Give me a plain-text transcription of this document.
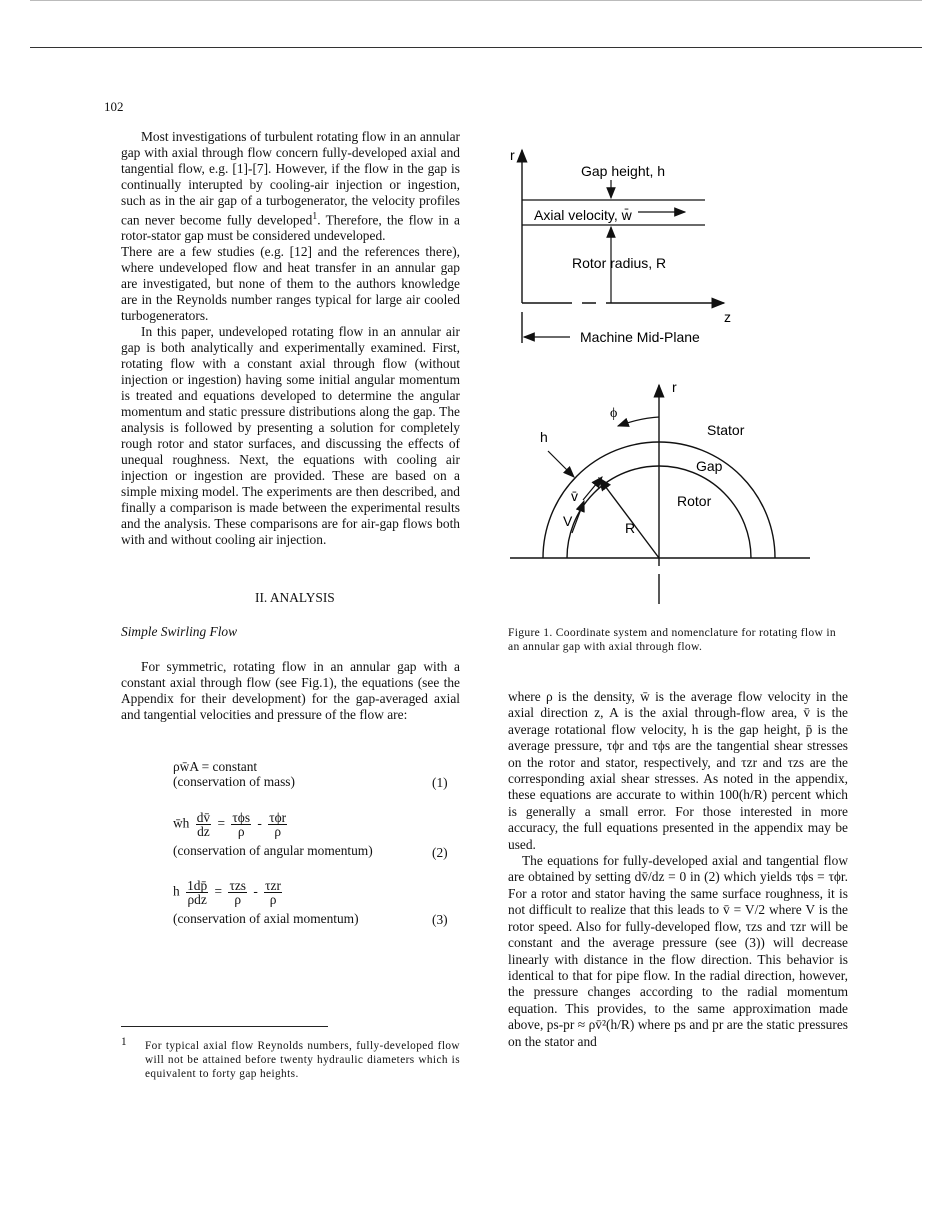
102

Most investigations of turbulent rotating flow in an annular gap with axial through flow concern fully-developed axial and tangential flow, e.g. [1]-[7]. However, if the flow in the gap is continually interupted by cooling-air injection or ingestion, such as in the air gap of a turbogenerator, the velocity profiles can never become fully developed$^1$. Therefore, the flow in a rotor-stator gap must be considered undeveloped.

There are a few studies (e.g. [12] and the references there), where undeveloped flow and heat transfer in an annular gap are investigated, but none of them to the authors knowledge are in the Reynolds number ranges typical for large air cooled turbogenerators.

In this paper, undeveloped rotating flow in an annular air gap is both analytically and experimentally examined. First, rotating flow with a constant axial through flow (without injection or ingestion) having some initial angular momentum is treated and equations developed to determine the angular momentum and static pressure distributions along the gap. The analysis is followed by presenting a solution for completely rough rotor and stator surfaces, and discussing the effects of unequal roughness. Next, the equations with cooling air injection or ingestion are provided. These are based on a simple mixing model. The experiments are then described, and finally a comparison is made between the experimental results and the analysis. These comparisons are for air-gap flows both with and without cooling air injection.

II. ANALYSIS
Simple Swirling Flow

For symmetric, rotating flow in an annular gap with a constant axial through flow (see Fig.1), the equations (see the Appendix for their development) for the gap-averaged axial and tangential velocities and pressure of the flow are:

ρw̄A = constant
(conservation of mass)	(1)
w̄h $\frac{dv̄}{dz} = \frac{\text{τϕs}}{\rho} - \frac{\text{τϕr}}{\rho}$
(conservation of angular momentum)	(2)
h $\frac{1dp̄}{\text{ρdz}} = \frac{\text{τzs}}{\rho} - \frac{\text{τzr}}{\rho}$
(conservation of axial momentum)	(3)
1 For typical axial flow Reynolds numbers, fully-developed flow will not be attained before twenty hydraulic diameters which is equivalent to forty gap heights.
r
Gap height, h
Axial velocity, w̄
Rotor radius, R
z
Machine Mid-Plane
r
ϕ
Stator
Gap
Rotor
h
R
v̄
V
Figure 1. Coordinate system and nomenclature for rotating flow in an annular gap with axial through flow.

where ρ is the density, w̄ is the average flow velocity in the axial direction z, A is the axial through-flow area, v̄ is the average rotational flow velocity, h is the gap height, p̄ is the average pressure, τϕr and τϕs are the tangential shear stresses on the rotor and stator, respectively, and τzr and τzs are the corresponding axial shear stresses. As noted in the appendix, these equations are accurate to within 100(h/R) percent which is generally a small error. For those interested in more accuracy, the full equations presented in the appendix may be used.

The equations for fully-developed axial and tangential flow are obtained by setting dv̄/dz = 0 in (2) which yields τϕs = τϕr. For a rotor and stator having the same surface roughness, it is not difficult to realize that this leads to v̄ = V/2 where V is the rotor speed. Also for fully-developed flow, τzs and τzr will be constant and the average pressure (see (3)) will decrease linearly with distance in the flow direction. This behavior is identical to that for pipe flow. In the radial direction, however, the pressure changes according to the radial momentum equation. This provides, to the same approximation made above, ps-pr ≈ ρv̄²(h/R) where ps and pr are the static pressures on the stator and
